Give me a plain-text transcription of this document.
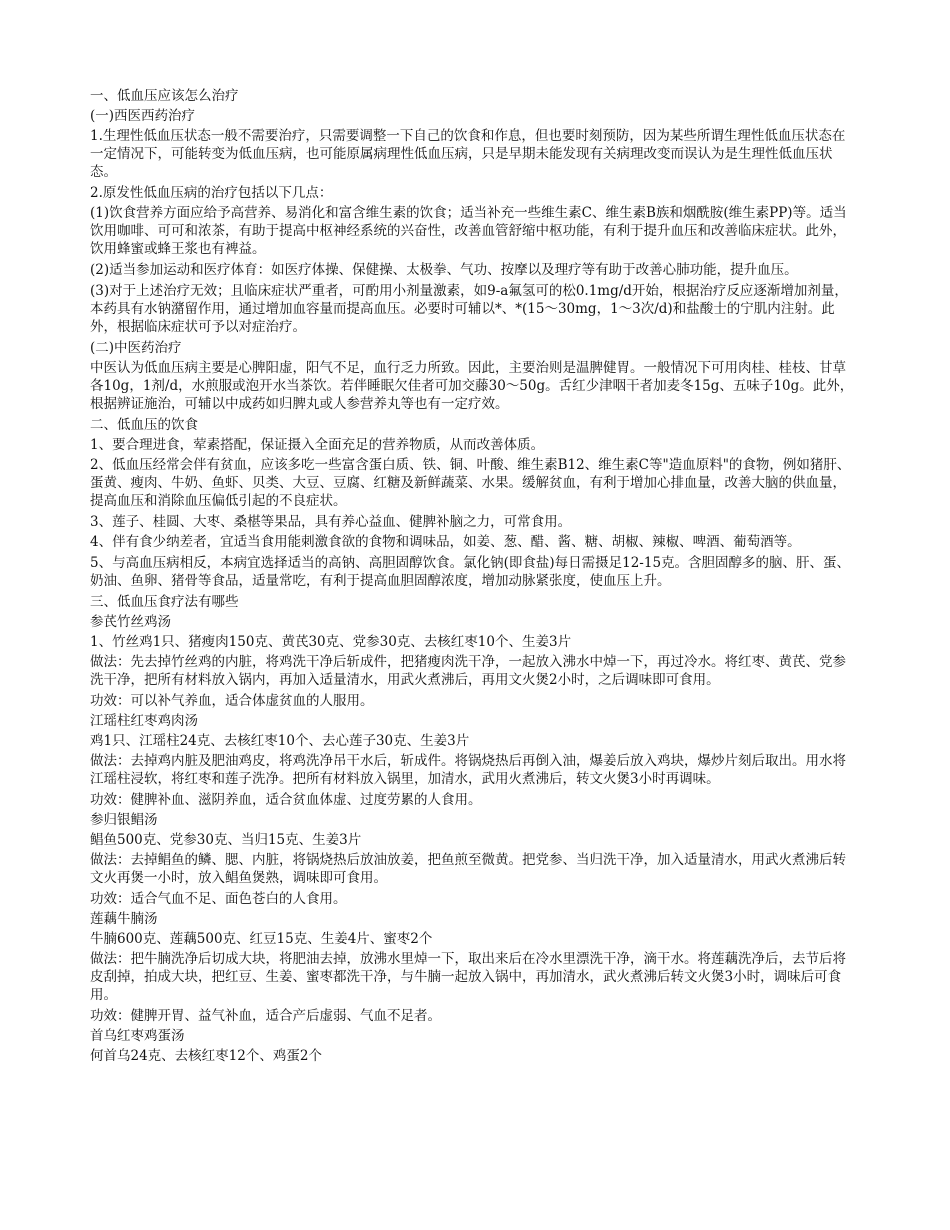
一、低血压应该怎么治疗
(一)西医西药治疗
1.生理性低血压状态一般不需要治疗，只需要调整一下自己的饮食和作息，但也要时刻预防，因为某些所谓生理性低血压状态在一定情况下，可能转变为低血压病，也可能原属病理性低血压病，只是早期未能发现有关病理改变而误认为是生理性低血压状态。
2.原发性低血压病的治疗包括以下几点：
(1)饮食营养方面应给予高营养、易消化和富含维生素的饮食；适当补充一些维生素C、维生素B族和烟酰胺(维生素PP)等。适当饮用咖啡、可可和浓茶，有助于提高中枢神经系统的兴奋性，改善血管舒缩中枢功能，有利于提升血压和改善临床症状。此外，饮用蜂蜜或蜂王浆也有裨益。
(2)适当参加运动和医疗体育：如医疗体操、保健操、太极拳、气功、按摩以及理疗等有助于改善心肺功能，提升血压。
(3)对于上述治疗无效；且临床症状严重者，可酌用小剂量激素，如9-a氟氢可的松0.1mg/d开始，根据治疗反应逐渐增加剂量，本药具有水钠潴留作用，通过增加血容量而提高血压。必要时可辅以*、*(15～30mg，1～3次/d)和盐酸士的宁肌内注射。此外，根据临床症状可予以对症治疗。
(二)中医药治疗
中医认为低血压病主要是心脾阳虚，阳气不足，血行乏力所致。因此，主要治则是温脾健胃。一般情况下可用肉桂、桂枝、甘草各10g，1剂/d，水煎服或泡开水当茶饮。若伴睡眠欠佳者可加交藤30～50g。舌红少津咽干者加麦冬15g、五味子10g。此外，根据辨证施治，可辅以中成药如归脾丸或人参营养丸等也有一定疗效。
二、低血压的饮食
1、要合理进食，荤素搭配，保证摄入全面充足的营养物质，从而改善体质。
2、低血压经常会伴有贫血，应该多吃一些富含蛋白质、铁、铜、叶酸、维生素B12、维生素C等"造血原料"的食物，例如猪肝、蛋黄、瘦肉、牛奶、鱼虾、贝类、大豆、豆腐、红糖及新鲜蔬菜、水果。缓解贫血，有利于增加心排血量，改善大脑的供血量，提高血压和消除血压偏低引起的不良症状。
3、莲子、桂圆、大枣、桑椹等果品，具有养心益血、健脾补脑之力，可常食用。
4、伴有食少纳差者，宜适当食用能刺激食欲的食物和调味品，如姜、葱、醋、酱、糖、胡椒、辣椒、啤酒、葡萄酒等。
5、与高血压病相反，本病宜选择适当的高钠、高胆固醇饮食。氯化钠(即食盐)每日需摄足12-15克。含胆固醇多的脑、肝、蛋、奶油、鱼卵、猪骨等食品，适量常吃，有利于提高血胆固醇浓度，增加动脉紧张度，使血压上升。
三、低血压食疗法有哪些
参芪竹丝鸡汤
1、竹丝鸡1只、猪瘦肉150克、黄芪30克、党参30克、去核红枣10个、生姜3片
做法：先去掉竹丝鸡的内脏，将鸡洗干净后斩成件，把猪瘦肉洗干净，一起放入沸水中焯一下，再过冷水。将红枣、黄芪、党参洗干净，把所有材料放入锅内，再加入适量清水，用武火煮沸后，再用文火煲2小时，之后调味即可食用。
功效：可以补气养血，适合体虚贫血的人服用。
江瑶柱红枣鸡肉汤
鸡1只、江瑶柱24克、去核红枣10个、去心莲子30克、生姜3片
做法：去掉鸡内脏及肥油鸡皮，将鸡洗净吊干水后，斩成件。将锅烧热后再倒入油，爆姜后放入鸡块，爆炒片刻后取出。用水将江瑶柱浸软，将红枣和莲子洗净。把所有材料放入锅里，加清水，武用火煮沸后，转文火煲3小时再调味。
功效：健脾补血、滋阴养血，适合贫血体虚、过度劳累的人食用。
参归银鲳汤
鲳鱼500克、党参30克、当归15克、生姜3片
做法：去掉鲳鱼的鳞、腮、内脏，将锅烧热后放油放姜，把鱼煎至微黄。把党参、当归洗干净，加入适量清水，用武火煮沸后转文火再煲一小时，放入鲳鱼煲熟，调味即可食用。
功效：适合气血不足、面色苍白的人食用。
莲藕牛腩汤
牛腩600克、莲藕500克、红豆15克、生姜4片、蜜枣2个
做法：把牛腩洗净后切成大块，将肥油去掉，放沸水里焯一下，取出来后在冷水里漂洗干净，滴干水。将莲藕洗净后，去节后将皮刮掉，拍成大块，把红豆、生姜、蜜枣都洗干净，与牛腩一起放入锅中，再加清水，武火煮沸后转文火煲3小时，调味后可食用。
功效：健脾开胃、益气补血，适合产后虚弱、气血不足者。
首乌红枣鸡蛋汤
何首乌24克、去核红枣12个、鸡蛋2个
